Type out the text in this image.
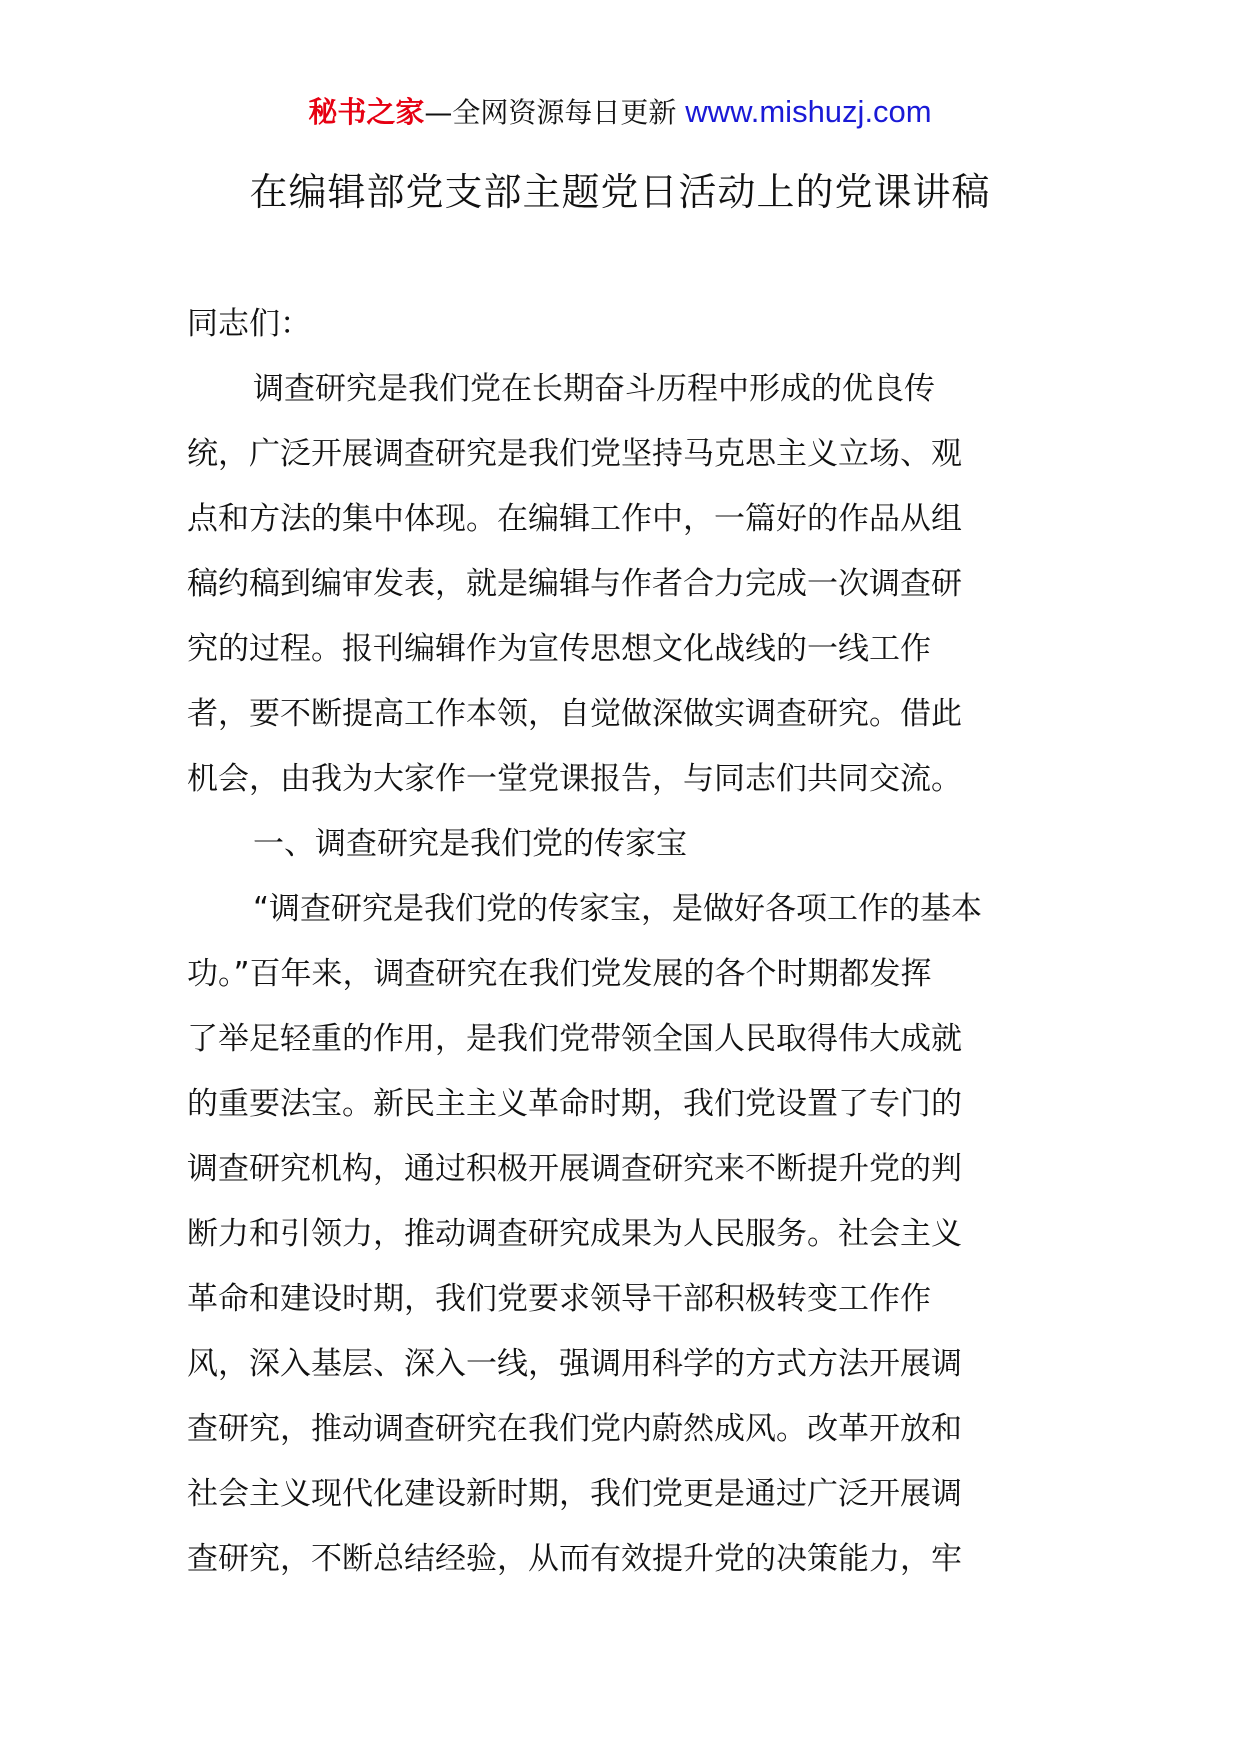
秘书之家—全网资源每日更新 www.mishuzj.com
在编辑部党支部主题党日活动上的党课讲稿

同志们：

调查研究是我们党在长期奋斗历程中形成的优良传

统，广泛开展调查研究是我们党坚持马克思主义立场、观

点和方法的集中体现。在编辑工作中，一篇好的作品从组

稿约稿到编审发表，就是编辑与作者合力完成一次调查研

究的过程。报刊编辑作为宣传思想文化战线的一线工作

者，要不断提高工作本领，自觉做深做实调查研究。借此

机会，由我为大家作一堂党课报告，与同志们共同交流。

一、调查研究是我们党的传家宝

“调查研究是我们党的传家宝，是做好各项工作的基本

功。”百年来，调查研究在我们党发展的各个时期都发挥

了举足轻重的作用，是我们党带领全国人民取得伟大成就

的重要法宝。新民主主义革命时期，我们党设置了专门的

调查研究机构，通过积极开展调查研究来不断提升党的判

断力和引领力，推动调查研究成果为人民服务。社会主义

革命和建设时期，我们党要求领导干部积极转变工作作

风，深入基层、深入一线，强调用科学的方式方法开展调

查研究，推动调查研究在我们党内蔚然成风。改革开放和

社会主义现代化建设新时期，我们党更是通过广泛开展调

查研究，不断总结经验，从而有效提升党的决策能力，牢
